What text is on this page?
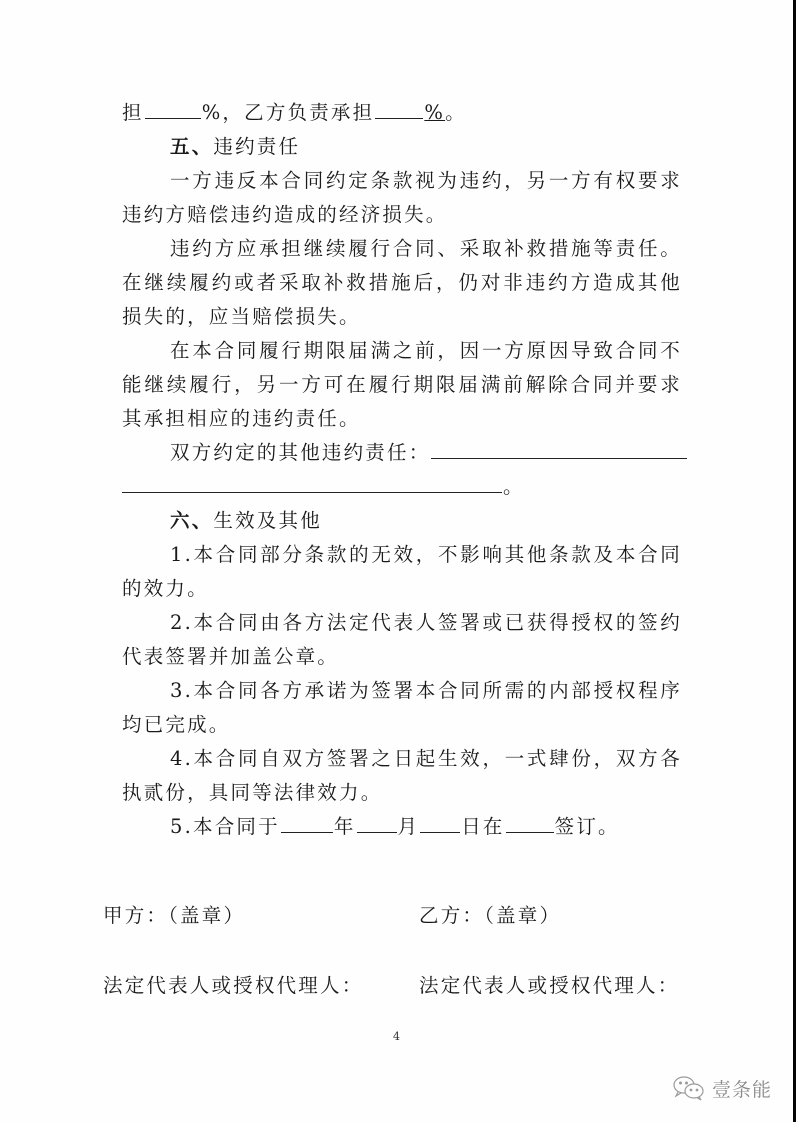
担	%，乙方负责承担	%。

五、违约责任

一方违反本合同约定条款视为违约，另一方有权要求违约方赔偿违约造成的经济损失。

违约方应承担继续履行合同、采取补救措施等责任。在继续履约或者采取补救措施后，仍对非违约方造成其他损失的，应当赔偿损失。

在本合同履行期限届满之前，因一方原因导致合同不能继续履行，另一方可在履行期限届满前解除合同并要求其承担相应的违约责任。

双方约定的其他违约责任：

。

六、生效及其他

1.本合同部分条款的无效，不影响其他条款及本合同的效力。

2.本合同由各方法定代表人签署或已获得授权的签约代表签署并加盖公章。

3.本合同各方承诺为签署本合同所需的内部授权程序均已完成。

4.本合同自双方签署之日起生效，一式肆份，双方各执贰份，具同等法律效力。

5.本合同于	年 月 日在	签订。

甲方：（盖章）	乙方：（盖章）
法定代表人或授权代理人：	法定代表人或授权代理人：
4
壹条能
